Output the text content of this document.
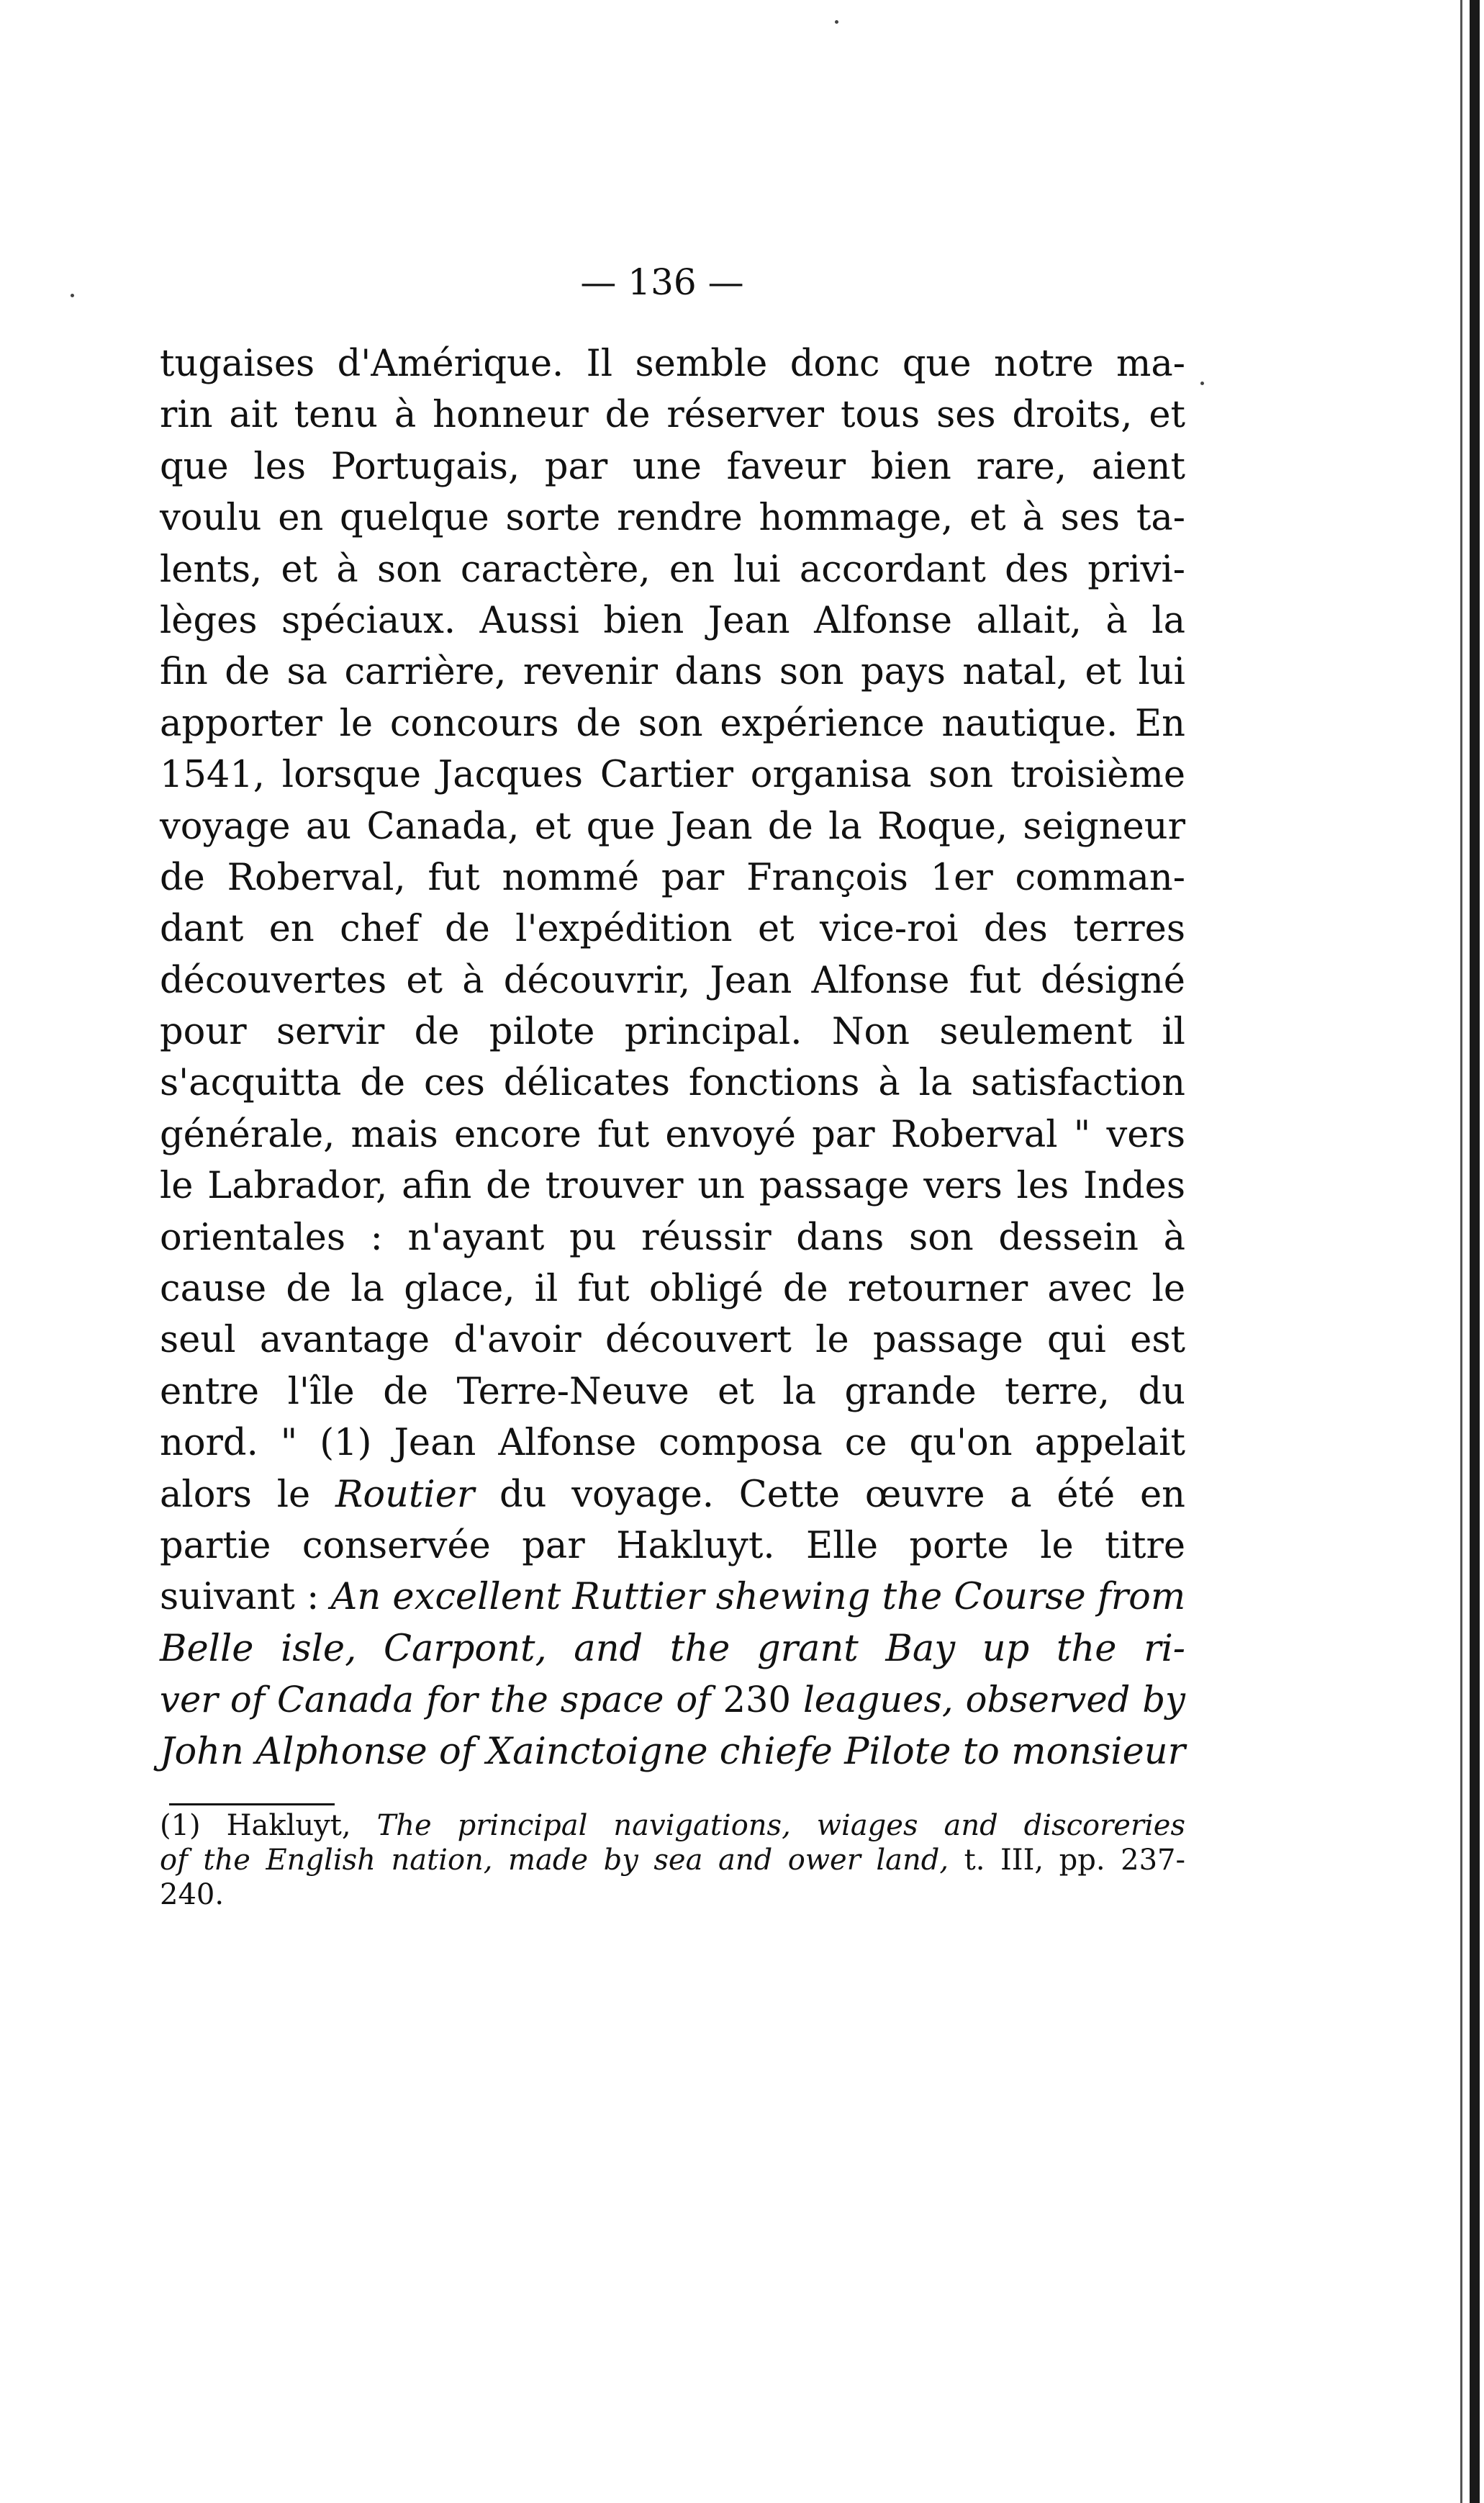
— 136 —
tugaises d'Amérique. Il semble donc que notre ma-
rin ait tenu à honneur de réserver tous ses droits, et
que les Portugais, par une faveur bien rare, aient
voulu en quelque sorte rendre hommage, et à ses ta-
lents, et à son caractère, en lui accordant des privi-
lèges spéciaux. Aussi bien Jean Alfonse allait, à la
fin de sa carrière, revenir dans son pays natal, et lui
apporter le concours de son expérience nautique. En
1541, lorsque Jacques Cartier organisa son troisième
voyage au Canada, et que Jean de la Roque, seigneur
de Roberval, fut nommé par François 1er comman-
dant en chef de l'expédition et vice-roi des terres
découvertes et à découvrir, Jean Alfonse fut désigné
pour servir de pilote principal. Non seulement il
s'acquitta de ces délicates fonctions à la satisfaction
générale, mais encore fut envoyé par Roberval " vers
le Labrador, afin de trouver un passage vers les Indes
orientales : n'ayant pu réussir dans son dessein à
cause de la glace, il fut obligé de retourner avec le
seul avantage d'avoir découvert le passage qui est
entre l'île de Terre-Neuve et la grande terre, du
nord. " (1) Jean Alfonse composa ce qu'on appelait
alors le Routier du voyage. Cette œuvre a été en
partie conservée par Hakluyt. Elle porte le titre
suivant : An excellent Ruttier shewing the Course from
Belle isle, Carpont, and the grant Bay up the ri-
ver of Canada for the space of 230 leagues, observed by
John Alphonse of Xainctoigne chiefe Pilote to monsieur
(1) Hakluyt, The principal navigations, wiages and discoreries
of the English nation, made by sea and ower land, t. III, pp. 237-
240.
